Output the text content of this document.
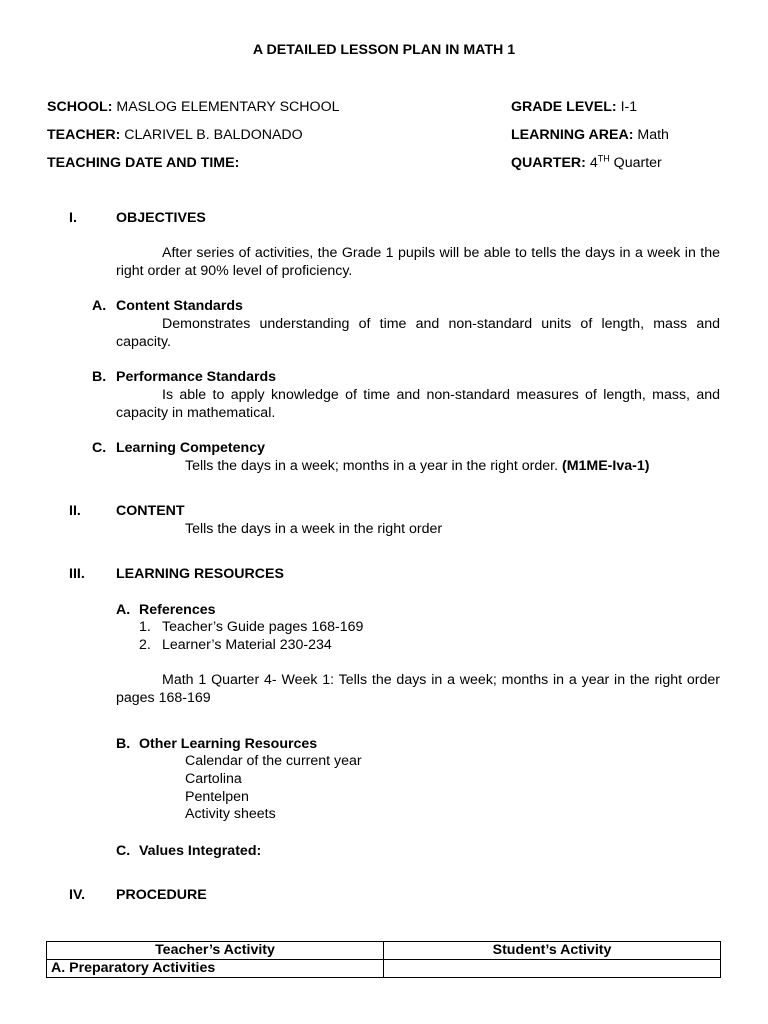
A DETAILED LESSON PLAN IN MATH 1
SCHOOL: MASLOG ELEMENTARY SCHOOL	GRADE LEVEL: I-1
TEACHER: CLARIVEL B. BALDONADO	LEARNING AREA: Math
TEACHING DATE AND TIME:	QUARTER: 4TH Quarter
I.	OBJECTIVES
After series of activities, the Grade 1 pupils will be able to tells the days in a week in the right order at 90% level of proficiency.
A. Content Standards
Demonstrates understanding of time and non-standard units of length, mass and capacity.
B. Performance Standards
Is able to apply knowledge of time and non-standard measures of length, mass, and capacity in mathematical.
C. Learning Competency
Tells the days in a week; months in a year in the right order. (M1ME-Iva-1)
II. CONTENT
Tells the days in a week in the right order
III. LEARNING RESOURCES
A. References
1. Teacher’s Guide pages 168-169
2. Learner’s Material 230-234
Math 1 Quarter 4- Week 1: Tells the days in a week; months in a year in the right order pages 168-169
B. Other Learning Resources
Calendar of the current year
Cartolina
Pentelpen
Activity sheets
C. Values Integrated:
IV. PROCEDURE
Teacher’s Activity	Student’s Activity
A. Preparatory Activities	
